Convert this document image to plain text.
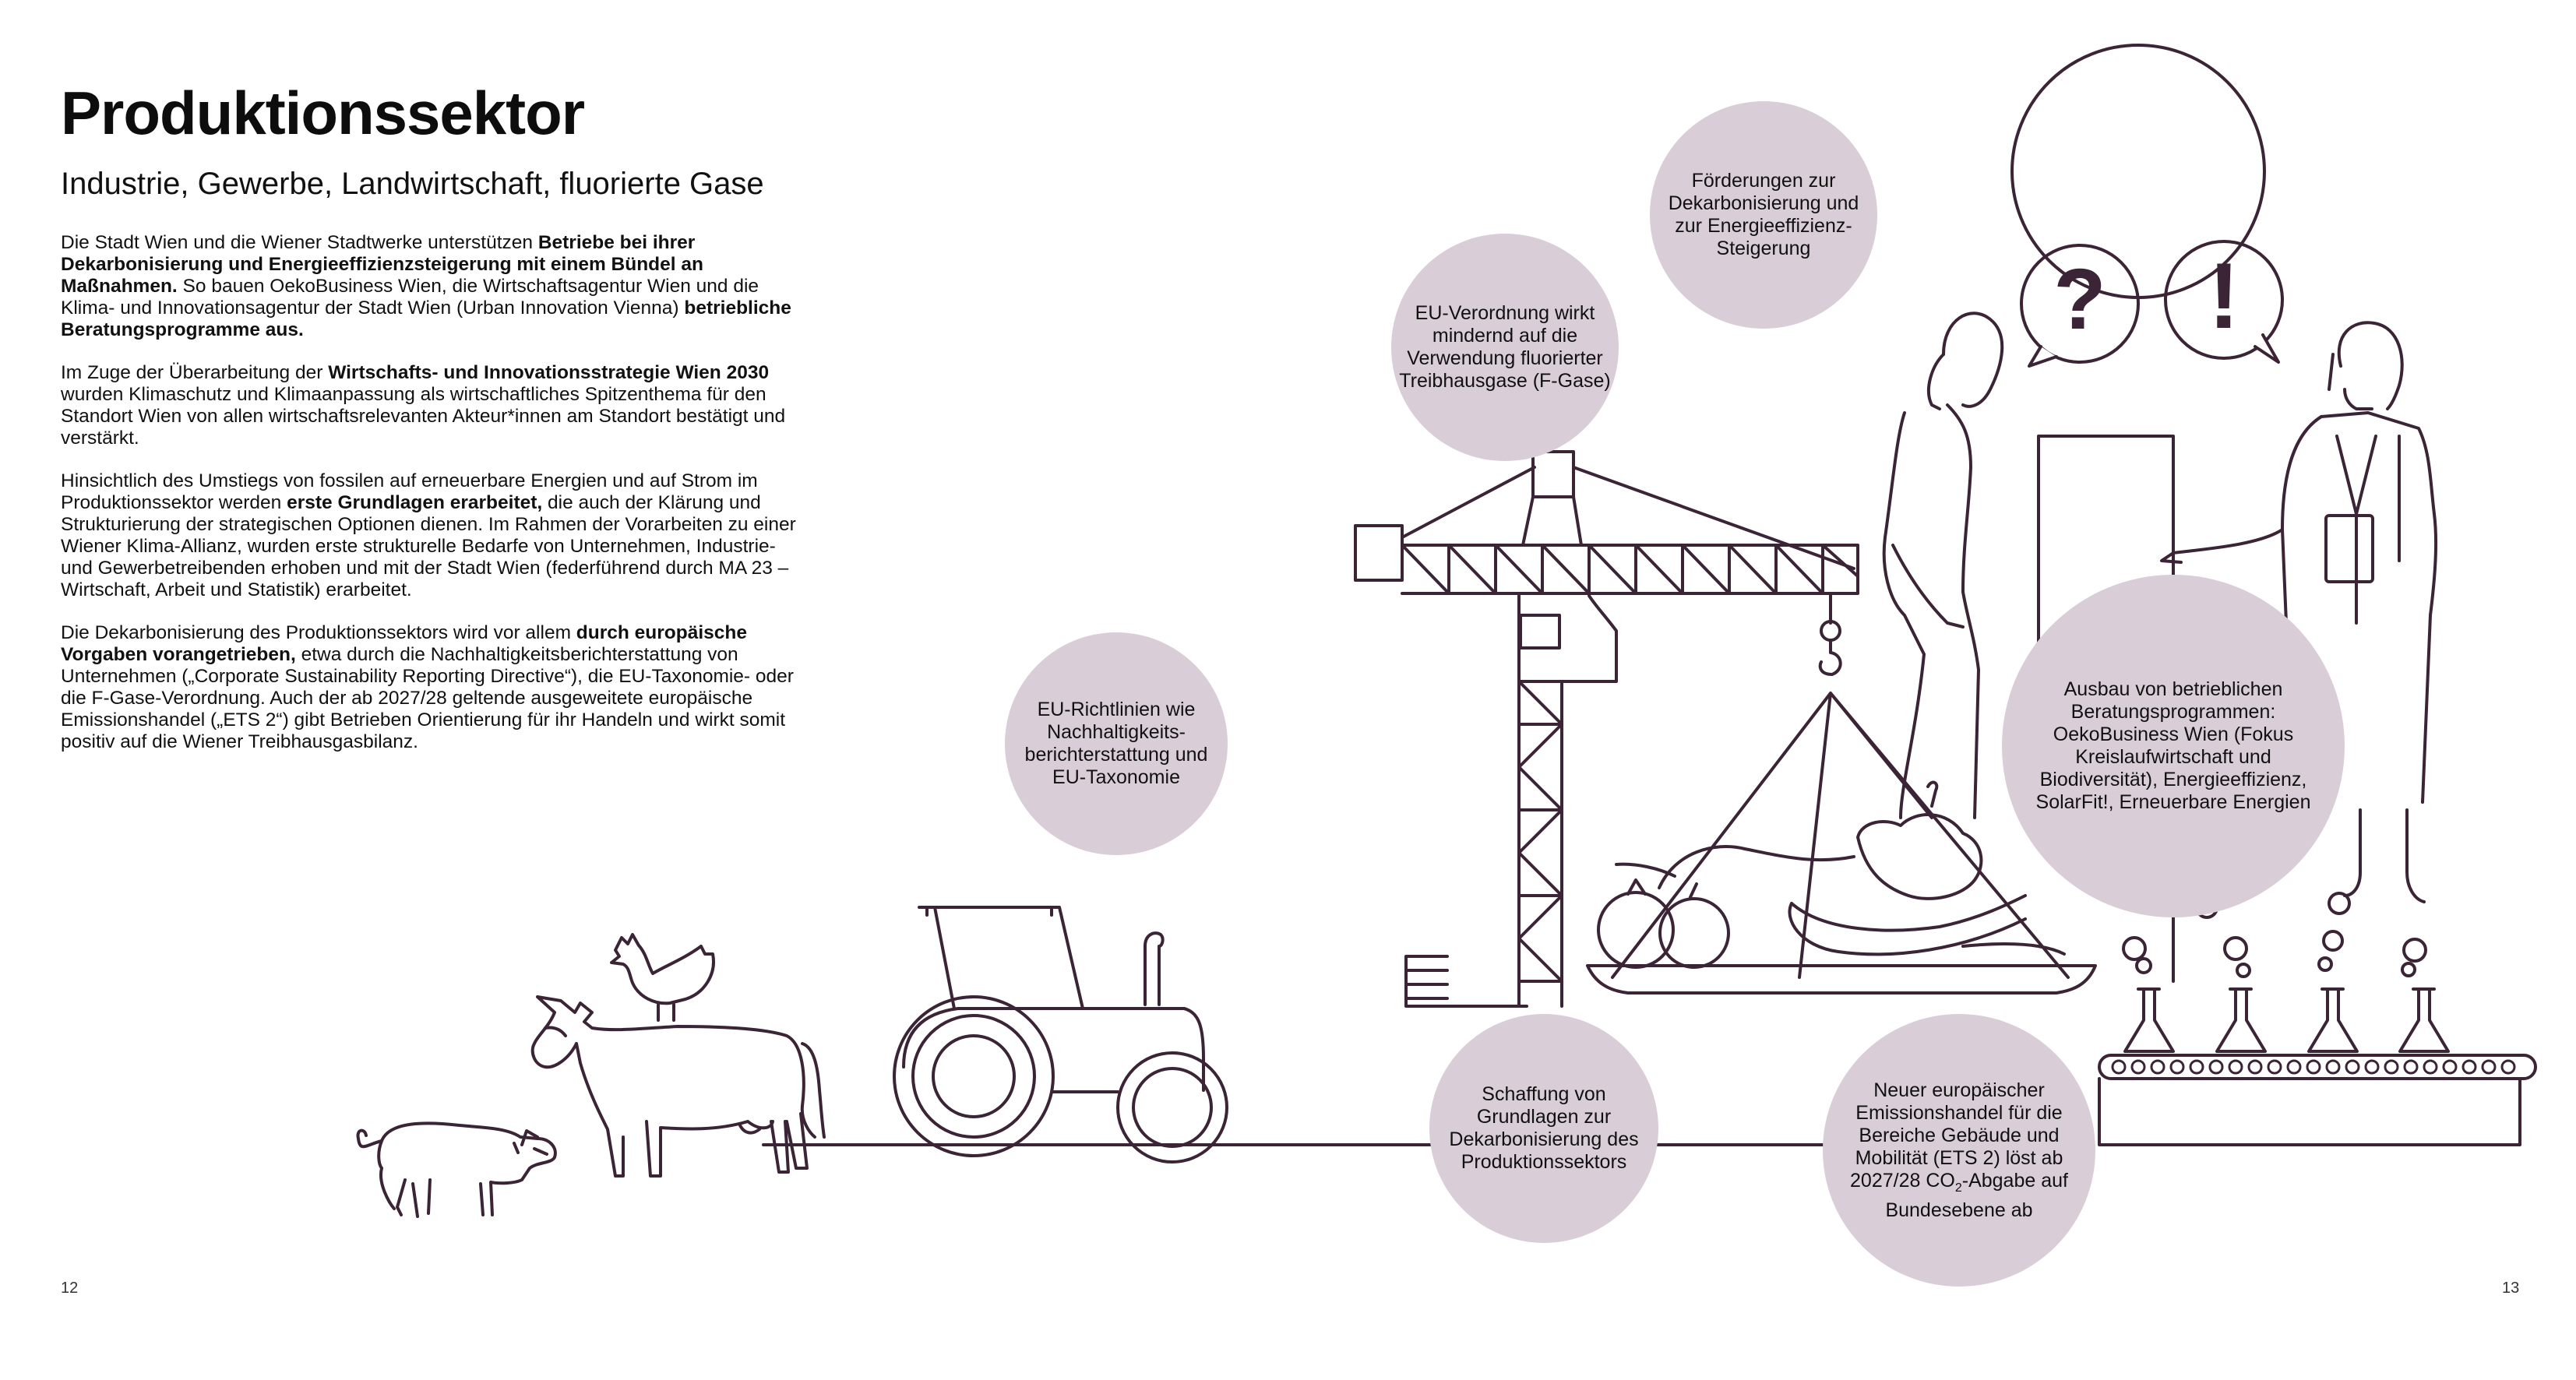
Produktionssektor
Industrie, Gewerbe, Landwirtschaft, fluorierte Gase

Die Stadt Wien und die Wiener Stadtwerke unterstützen Betriebe bei ihrer Dekarbonisierung und Energieeffizienzsteigerung mit einem Bündel an Maßnahmen. So bauen OekoBusiness Wien, die Wirtschaftsagentur Wien und die Klima- und Innovationsagentur der Stadt Wien (Urban Innovation Vienna) betriebliche Beratungsprogramme aus.

Im Zuge der Überarbeitung der Wirtschafts- und Innovationsstrategie Wien 2030 wurden Klimaschutz und Klimaanpassung als wirtschaftliches Spitzenthema für den Standort Wien von allen wirtschaftsrelevanten Akteur*innen am Standort bestätigt und verstärkt.

Hinsichtlich des Umstiegs von fossilen auf erneuerbare Energien und auf Strom im Produktionssektor werden erste Grundlagen erarbeitet, die auch der Klärung und Strukturierung der strategischen Optionen dienen. Im Rahmen der Vorarbeiten zu einer Wiener Klima-Allianz, wurden erste strukturelle Bedarfe von Unternehmen, Industrie- und Gewerbetreibenden erhoben und mit der Stadt Wien (federführend durch MA 23 – Wirtschaft, Arbeit und Statistik) erarbeitet.

Die Dekarbonisierung des Produktionssektors wird vor allem durch europäische Vorgaben vorangetrieben, etwa durch die Nachhaltigkeitsberichterstattung von Unternehmen („Corporate Sustainability Reporting Directive“), die EU-Taxonomie- oder die F-Gase-Verordnung. Auch der ab 2027/28 geltende ausgeweitete europäische Emissionshandel („ETS 2“) gibt Betrieben Orientierung für ihr Handeln und wirkt somit positiv auf die Wiener Treibhausgasbilanz.

? !
EU-Richtlinien wie
Nachhaltigkeits-
berichterstattung und
EU-Taxonomie
EU-Verordnung wirkt
mindernd auf die
Verwendung fluorierter
Treibhausgase (F-Gase)
Förderungen zur
Dekarbonisierung und
zur Energieeffizienz-
Steigerung
Ausbau von betrieblichen
Beratungsprogrammen:
OekoBusiness Wien (Fokus
Kreislaufwirtschaft und
Biodiversität), Energieeffizienz,
SolarFit!, Erneuerbare Energien
Schaffung von
Grundlagen zur
Dekarbonisierung des
Produktionssektors
Neuer europäischer
Emissionshandel für die
Bereiche Gebäude und
Mobilität (ETS 2) löst ab
2027/28 $CO_2$-Abgabe auf
Bundesebene ab
12	13
